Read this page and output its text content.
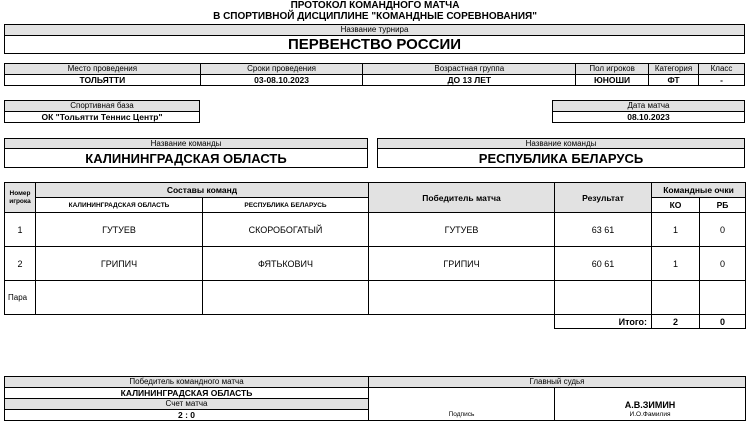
ПРОТОКОЛ КОМАНДНОГО МАТЧА
В СПОРТИВНОЙ ДИСЦИПЛИНЕ "КОМАНДНЫЕ СОРЕВНОВАНИЯ"
Название турнира
ПЕРВЕНСТВО РОССИИ
Место проведения	Сроки проведения	Возрастная группа	Пол игроков	Категория	Класс
ТОЛЬЯТТИ	03-08.10.2023	ДО 13 ЛЕТ	ЮНОШИ	ФТ	-
Спортивная база
ОК "Тольятти Теннис Центр"
Дата матча
08.10.2023
Название команды
КАЛИНИНГРАДСКАЯ ОБЛАСТЬ
Название команды
РЕСПУБЛИКА БЕЛАРУСЬ
Номер игрока	Составы команд		Победитель матча	Результат	Командные очки	
	КАЛИНИНГРАДСКАЯ ОБЛАСТЬ	РЕСПУБЛИКА БЕЛАРУСЬ			КО	РБ
1	ГУТУЕВ	СКОРОБОГАТЫЙ	ГУТУЕВ	63 61	1	0
2	ГРИПИЧ	ФЯТЬКОВИЧ	ГРИПИЧ	60 61	1	0
Пара						
				Итого:	2	0
Победитель командного матча	Главный судья	
КАЛИНИНГРАДСКАЯ ОБЛАСТЬ	Подпись	А.В.ЗИМИН
И.О.Фамилия

Счет матча		
2 : 0		
